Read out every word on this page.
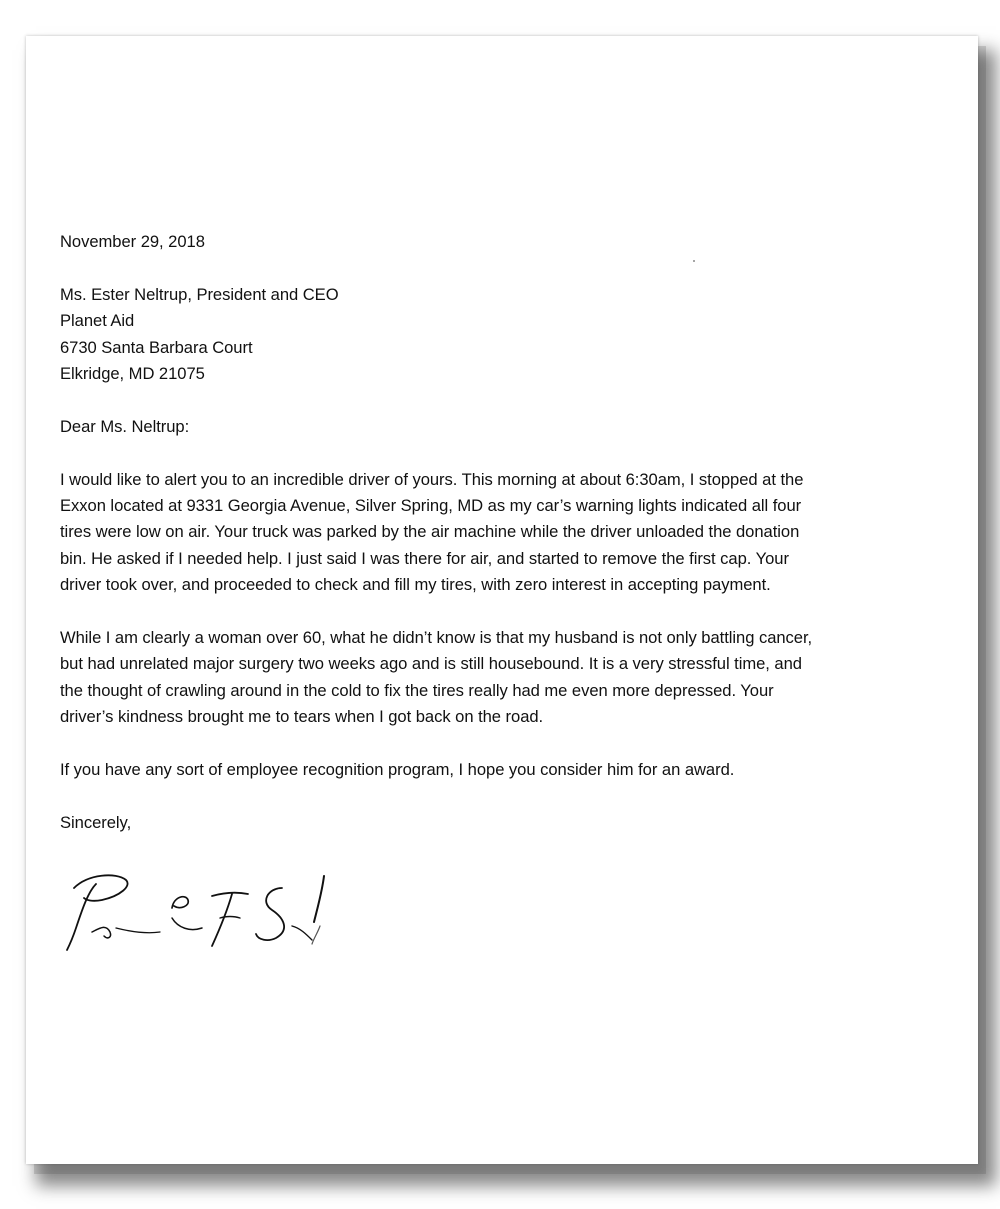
November 29, 2018
Ms. Ester Neltrup, President and CEO
Planet Aid
6730 Santa Barbara Court
Elkridge, MD 21075
Dear Ms. Neltrup:
I would like to alert you to an incredible driver of yours. This morning at about 6:30am, I stopped at the
Exxon located at 9331 Georgia Avenue, Silver Spring, MD as my car’s warning lights indicated all four
tires were low on air. Your truck was parked by the air machine while the driver unloaded the donation
bin. He asked if I needed help. I just said I was there for air, and started to remove the first cap. Your
driver took over, and proceeded to check and fill my tires, with zero interest in accepting payment.
While I am clearly a woman over 60, what he didn’t know is that my husband is not only battling cancer,
but had unrelated major surgery two weeks ago and is still housebound. It is a very stressful time, and
the thought of crawling around in the cold to fix the tires really had me even more depressed. Your
driver’s kindness brought me to tears when I got back on the road.
If you have any sort of employee recognition program, I hope you consider him for an award.
Sincerely,
